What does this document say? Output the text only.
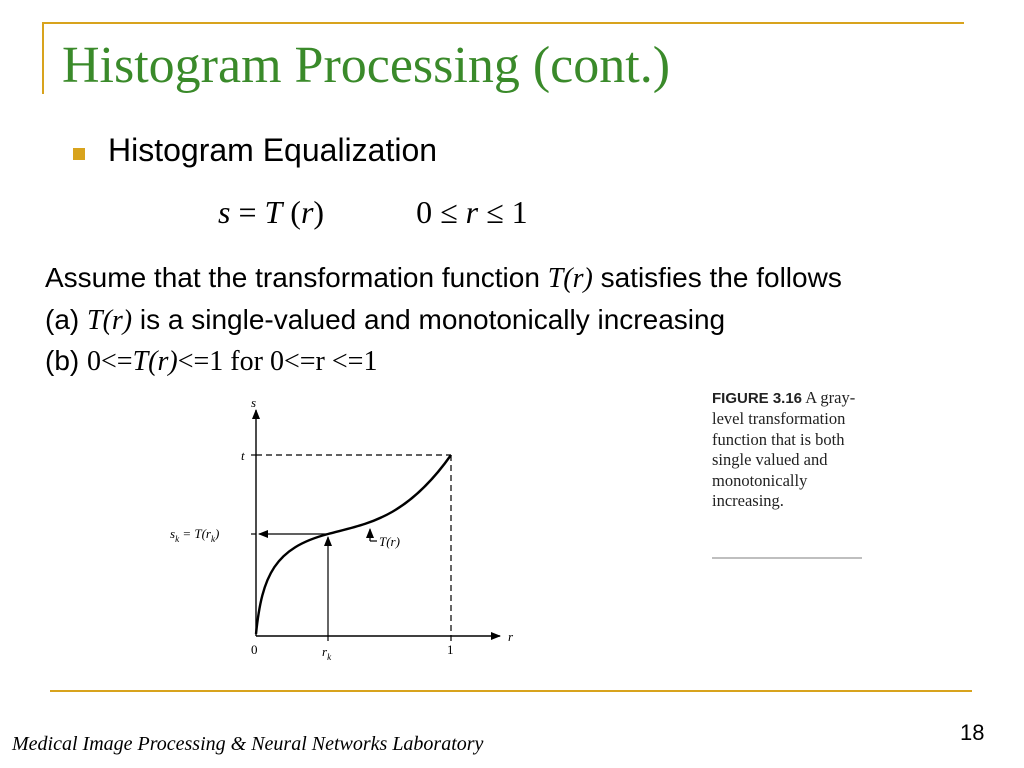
Histogram Processing (cont.)
Histogram Equalization
s = T (r)	0 ≤ r ≤ 1
Assume that the transformation function T(r) satisfies the follows
(a) T(r) is a single-valued and monotonically increasing
(b) 0<=T(r)<=1 for 0<=r <=1
s
r
t
0	1
$r_k$
$s_k = T(r_k)$
T(r)
FIGURE 3.16 A gray-level transformation function that is both single valued and monotonically increasing.
Medical Image Processing & Neural Networks Laboratory	18
